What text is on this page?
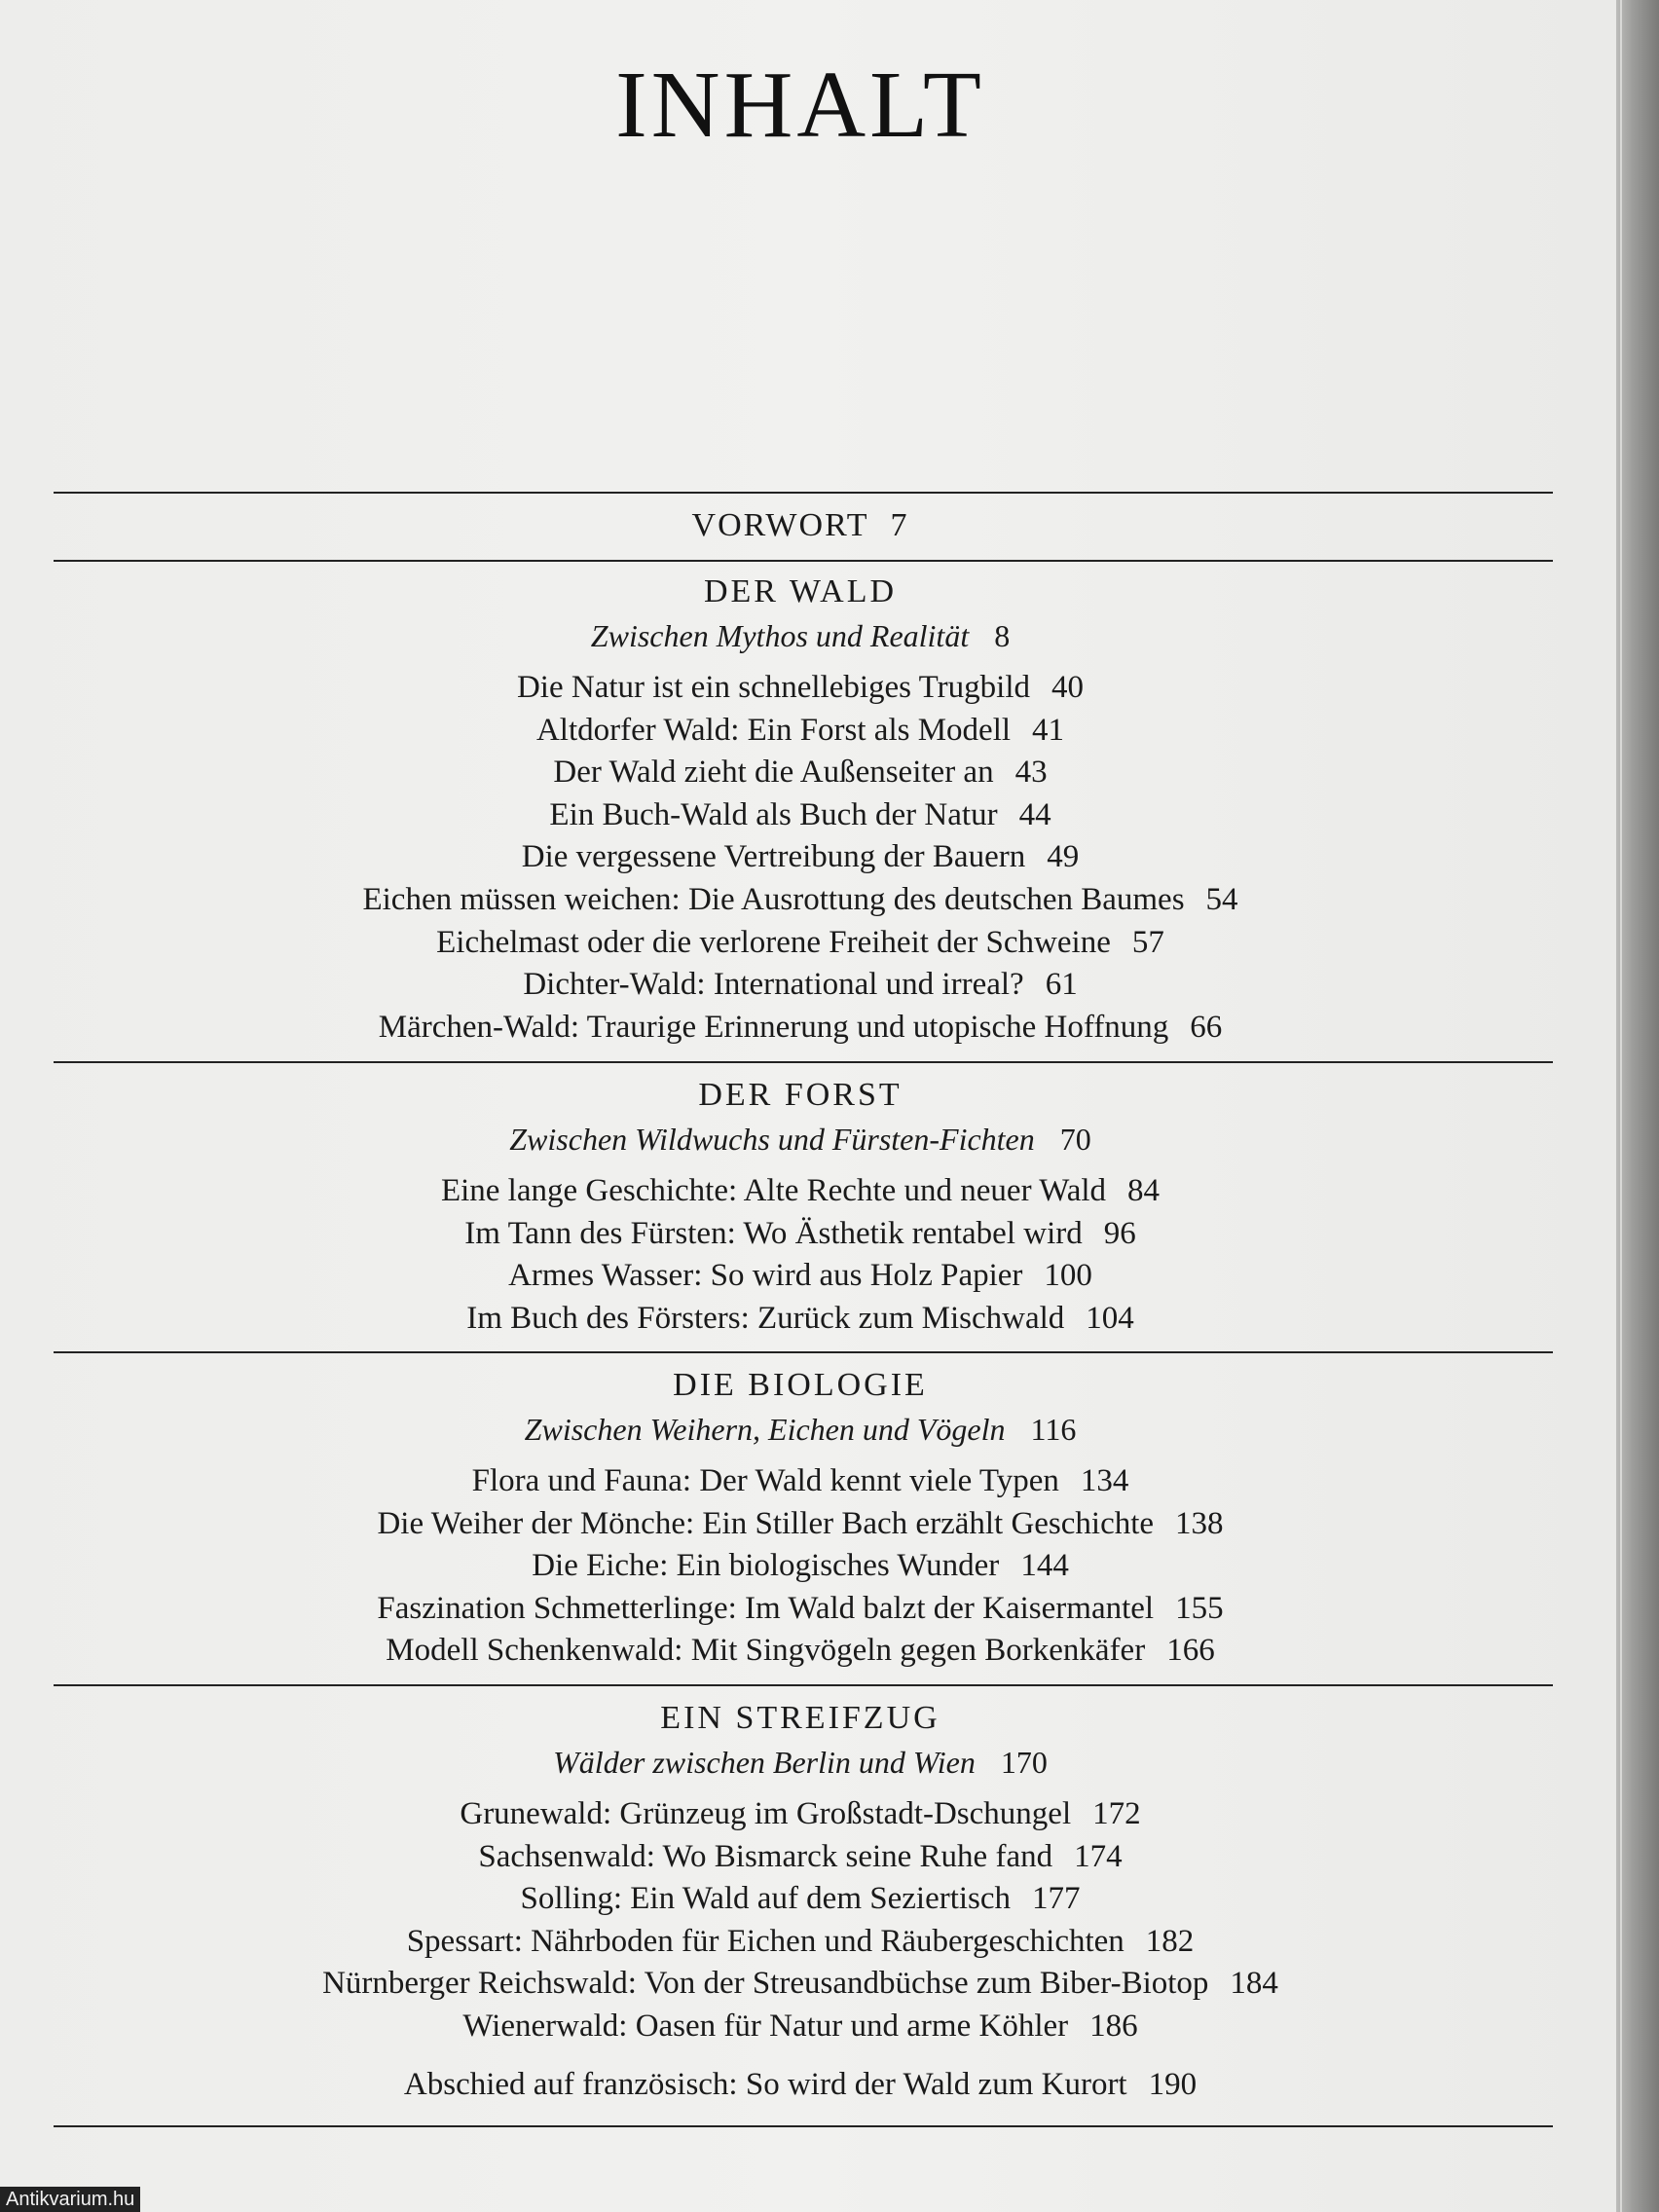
INHALT
VORWORT 7
DER WALD
Zwischen Mythos und Realität 8
Die Natur ist ein schnellebiges Trugbild 40
Altdorfer Wald: Ein Forst als Modell 41
Der Wald zieht die Außenseiter an 43
Ein Buch-Wald als Buch der Natur 44
Die vergessene Vertreibung der Bauern 49
Eichen müssen weichen: Die Ausrottung des deutschen Baumes 54
Eichelmast oder die verlorene Freiheit der Schweine 57
Dichter-Wald: International und irreal? 61
Märchen-Wald: Traurige Erinnerung und utopische Hoffnung 66
DER FORST
Zwischen Wildwuchs und Fürsten-Fichten 70
Eine lange Geschichte: Alte Rechte und neuer Wald 84
Im Tann des Fürsten: Wo Ästhetik rentabel wird 96
Armes Wasser: So wird aus Holz Papier 100
Im Buch des Försters: Zurück zum Mischwald 104
DIE BIOLOGIE
Zwischen Weihern, Eichen und Vögeln 116
Flora und Fauna: Der Wald kennt viele Typen 134
Die Weiher der Mönche: Ein Stiller Bach erzählt Geschichte 138
Die Eiche: Ein biologisches Wunder 144
Faszination Schmetterlinge: Im Wald balzt der Kaisermantel 155
Modell Schenkenwald: Mit Singvögeln gegen Borkenkäfer 166
EIN STREIFZUG
Wälder zwischen Berlin und Wien 170
Grunewald: Grünzeug im Großstadt-Dschungel 172
Sachsenwald: Wo Bismarck seine Ruhe fand 174
Solling: Ein Wald auf dem Seziertisch 177
Spessart: Nährboden für Eichen und Räubergeschichten 182
Nürnberger Reichswald: Von der Streusandbüchse zum Biber-Biotop 184
Wienerwald: Oasen für Natur und arme Köhler 186
Abschied auf französisch: So wird der Wald zum Kurort 190
Antikvarium.hu
